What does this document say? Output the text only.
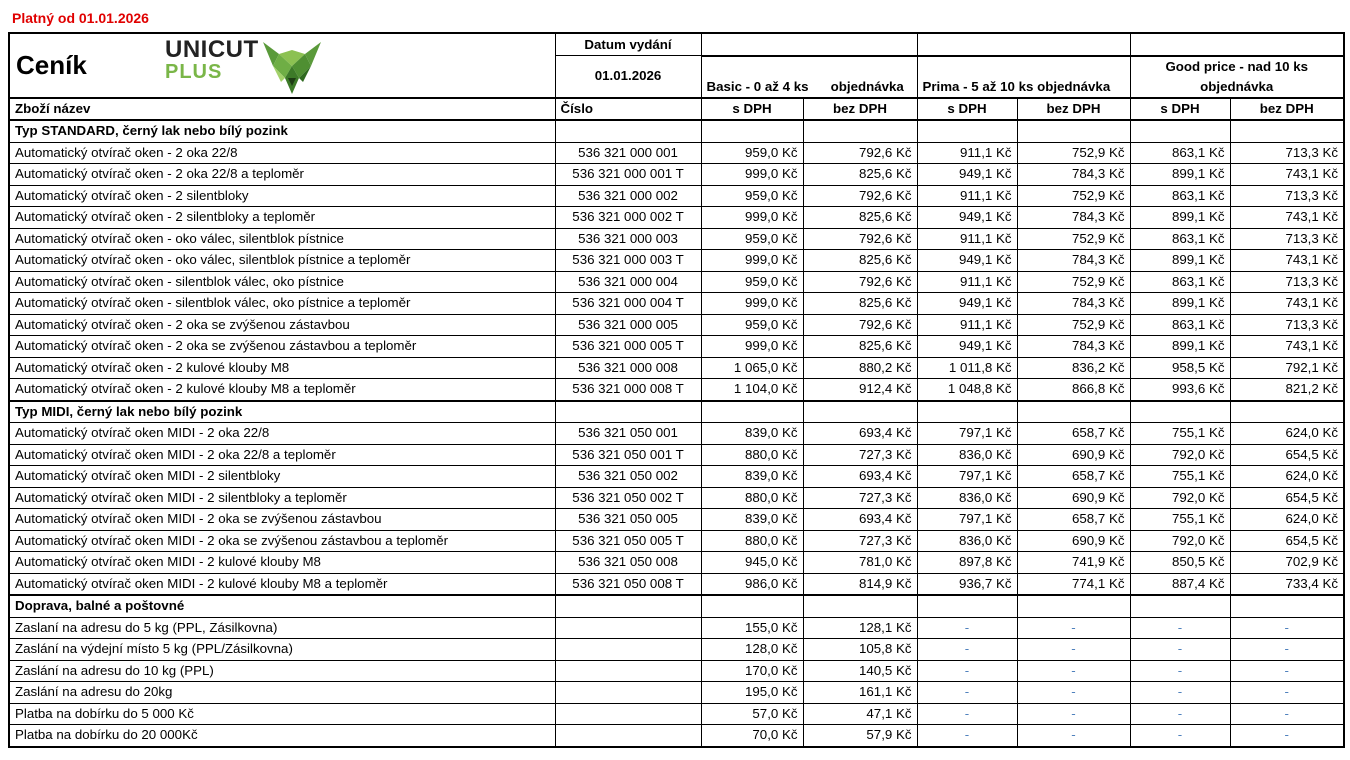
Platný od 01.01.2026
Ceník
UNICUT
PLUS	Datum vydání						
	01.01.2026	Basic - 0 až 4 ks      objednávka		Prima - 5 až 10 ks objednávka		Good price - nad 10 ks
objednávka	

Zboží název	Číslo	s DPH	bez DPH	s DPH	bez DPH	s DPH	bez DPH
Typ STANDARD, černý lak nebo bílý pozink							
Automatický otvírač oken - 2 oka 22/8	536 321 000 001	959,0 Kč	792,6 Kč	911,1 Kč	752,9 Kč	863,1 Kč	713,3 Kč
Automatický otvírač oken - 2 oka 22/8 a teploměr	536 321 000 001 T	999,0 Kč	825,6 Kč	949,1 Kč	784,3 Kč	899,1 Kč	743,1 Kč
Automatický otvírač oken - 2 silentbloky	536 321 000 002	959,0 Kč	792,6 Kč	911,1 Kč	752,9 Kč	863,1 Kč	713,3 Kč
Automatický otvírač oken - 2 silentbloky a teploměr	536 321 000 002 T	999,0 Kč	825,6 Kč	949,1 Kč	784,3 Kč	899,1 Kč	743,1 Kč
Automatický otvírač oken - oko válec, silentblok pístnice	536 321 000 003	959,0 Kč	792,6 Kč	911,1 Kč	752,9 Kč	863,1 Kč	713,3 Kč
Automatický otvírač oken - oko válec, silentblok pístnice a teploměr	536 321 000 003 T	999,0 Kč	825,6 Kč	949,1 Kč	784,3 Kč	899,1 Kč	743,1 Kč
Automatický otvírač oken - silentblok válec, oko pístnice	536 321 000 004	959,0 Kč	792,6 Kč	911,1 Kč	752,9 Kč	863,1 Kč	713,3 Kč
Automatický otvírač oken - silentblok válec, oko pístnice a teploměr	536 321 000 004 T	999,0 Kč	825,6 Kč	949,1 Kč	784,3 Kč	899,1 Kč	743,1 Kč
Automatický otvírač oken - 2 oka se zvýšenou zástavbou	536 321 000 005	959,0 Kč	792,6 Kč	911,1 Kč	752,9 Kč	863,1 Kč	713,3 Kč
Automatický otvírač oken - 2 oka se zvýšenou zástavbou a teploměr	536 321 000 005 T	999,0 Kč	825,6 Kč	949,1 Kč	784,3 Kč	899,1 Kč	743,1 Kč
Automatický otvírač oken - 2 kulové klouby M8	536 321 000 008	1 065,0 Kč	880,2 Kč	1 011,8 Kč	836,2 Kč	958,5 Kč	792,1 Kč
Automatický otvírač oken - 2 kulové klouby M8 a teploměr	536 321 000 008 T	1 104,0 Kč	912,4 Kč	1 048,8 Kč	866,8 Kč	993,6 Kč	821,2 Kč
Typ MIDI, černý lak nebo bílý pozink							
Automatický otvírač oken MIDI - 2 oka 22/8	536 321 050 001	839,0 Kč	693,4 Kč	797,1 Kč	658,7 Kč	755,1 Kč	624,0 Kč
Automatický otvírač oken MIDI - 2 oka 22/8 a teploměr	536 321 050 001 T	880,0 Kč	727,3 Kč	836,0 Kč	690,9 Kč	792,0 Kč	654,5 Kč
Automatický otvírač oken MIDI - 2 silentbloky	536 321 050 002	839,0 Kč	693,4 Kč	797,1 Kč	658,7 Kč	755,1 Kč	624,0 Kč
Automatický otvírač oken MIDI - 2 silentbloky a teploměr	536 321 050 002 T	880,0 Kč	727,3 Kč	836,0 Kč	690,9 Kč	792,0 Kč	654,5 Kč
Automatický otvírač oken MIDI - 2 oka se zvýšenou zástavbou	536 321 050 005	839,0 Kč	693,4 Kč	797,1 Kč	658,7 Kč	755,1 Kč	624,0 Kč
Automatický otvírač oken MIDI - 2 oka se zvýšenou zástavbou a teploměr	536 321 050 005 T	880,0 Kč	727,3 Kč	836,0 Kč	690,9 Kč	792,0 Kč	654,5 Kč
Automatický otvírač oken MIDI - 2 kulové klouby M8	536 321 050 008	945,0 Kč	781,0 Kč	897,8 Kč	741,9 Kč	850,5 Kč	702,9 Kč
Automatický otvírač oken MIDI - 2 kulové klouby M8 a teploměr	536 321 050 008 T	986,0 Kč	814,9 Kč	936,7 Kč	774,1 Kč	887,4 Kč	733,4 Kč
Doprava, balné a poštovné							
Zaslaní na adresu do 5 kg (PPL, Zásilkovna)		155,0 Kč	128,1 Kč	-	-	-	-
Zaslání na výdejní místo 5 kg (PPL/Zásilkovna)		128,0 Kč	105,8 Kč	-	-	-	-
Zaslání na adresu do 10 kg (PPL)		170,0 Kč	140,5 Kč	-	-	-	-
Zaslání na adresu do 20kg		195,0 Kč	161,1 Kč	-	-	-	-
Platba na dobírku do 5 000 Kč		57,0 Kč	47,1 Kč	-	-	-	-
Platba na dobírku do 20 000Kč		70,0 Kč	57,9 Kč	-	-	-	-
